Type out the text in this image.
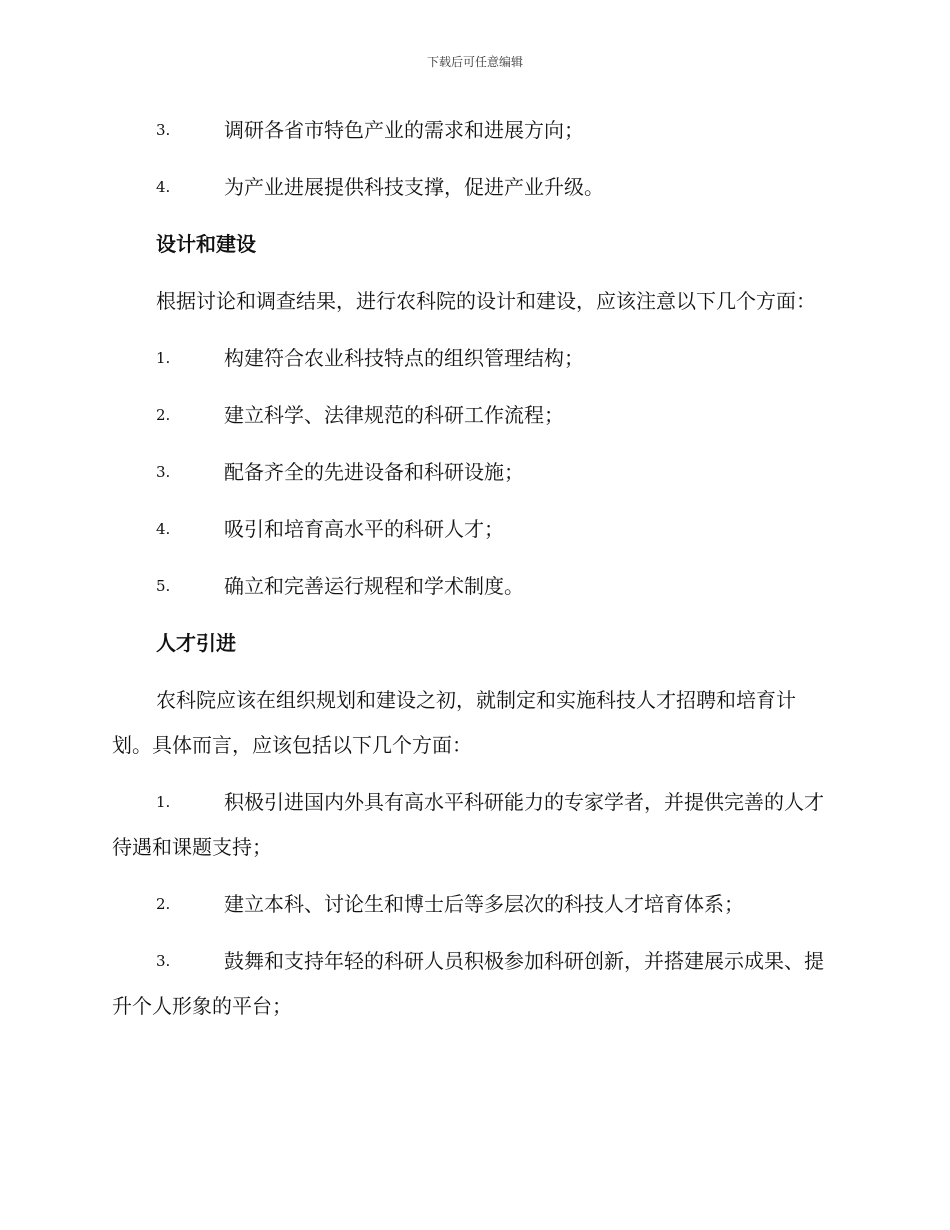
下载后可任意编辑
3.	调研各省市特色产业的需求和进展方向；
4.	为产业进展提供科技支撑，促进产业升级。
设计和建设
根据讨论和调查结果，进行农科院的设计和建设，应该注意以下几个方面：
1.	构建符合农业科技特点的组织管理结构；
2.	建立科学、法律规范的科研工作流程；
3.	配备齐全的先进设备和科研设施；
4.	吸引和培育高水平的科研人才；
5.	确立和完善运行规程和学术制度。
人才引进
农科院应该在组织规划和建设之初，就制定和实施科技人才招聘和培育计划。具体而言，应该包括以下几个方面：
1.	积极引进国内外具有高水平科研能力的专家学者，并提供完善的人才待遇和课题支持；
2.	建立本科、讨论生和博士后等多层次的科技人才培育体系；
3.	鼓舞和支持年轻的科研人员积极参加科研创新，并搭建展示成果、提升个人形象的平台；
